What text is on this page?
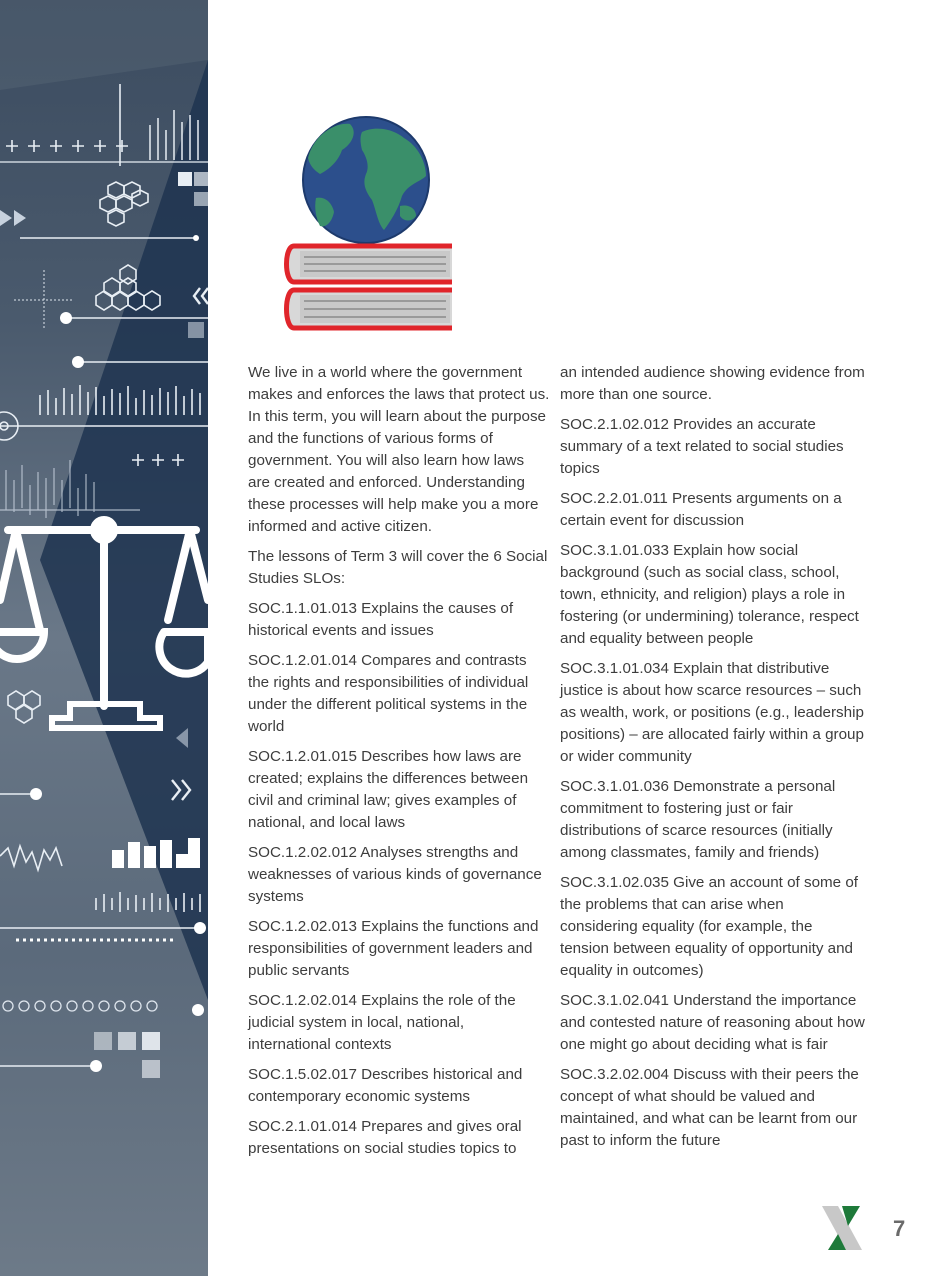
We live in a world where the government makes and enforces the laws that protect us. In this term, you will learn about the purpose and the functions of various forms of government. You will also learn how laws are created and enforced. Understanding these processes will help make you a more informed and active citizen.

The lessons of Term 3 will cover the 6 Social Studies SLOs:

SOC.1.1.01.013 Explains the causes of historical events and issues

SOC.1.2.01.014 Compares and contrasts the rights and responsibilities of individual under the different political systems in the world

SOC.1.2.01.015 Describes how laws are created; explains the differences between civil and criminal law; gives examples of national, and local laws

SOC.1.2.02.012 Analyses strengths and weaknesses of various kinds of governance systems

SOC.1.2.02.013 Explains the functions and responsibilities of government leaders and public servants

SOC.1.2.02.014 Explains the role of the judicial system in local, national, international contexts

SOC.1.5.02.017 Describes historical and contemporary economic systems

SOC.2.1.01.014 Prepares and gives oral presentations on social studies topics to

an intended audience showing evidence from more than one source.

SOC.2.1.02.012 Provides an accurate summary of a text related to social studies topics

SOC.2.2.01.011 Presents arguments on a certain event for discussion

SOC.3.1.01.033 Explain how social background (such as social class, school, town, ethnicity, and religion) plays a role in fostering (or undermining) tolerance, respect and equality between people

SOC.3.1.01.034 Explain that distributive justice is about how scarce resources – such as wealth, work, or positions (e.g., leadership positions) – are allocated fairly within a group or wider community

SOC.3.1.01.036 Demonstrate a personal commitment to fostering just or fair distributions of scarce resources (initially among classmates, family and friends)

SOC.3.1.02.035 Give an account of some of the problems that can arise when considering equality (for example, the tension between equality of opportunity and equality in outcomes)

SOC.3.1.02.041 Understand the importance and contested nature of reasoning about how one might go about deciding what is fair

SOC.3.2.02.004 Discuss with their peers the concept of what should be valued and maintained, and what can be learnt from our past to inform the future

7
